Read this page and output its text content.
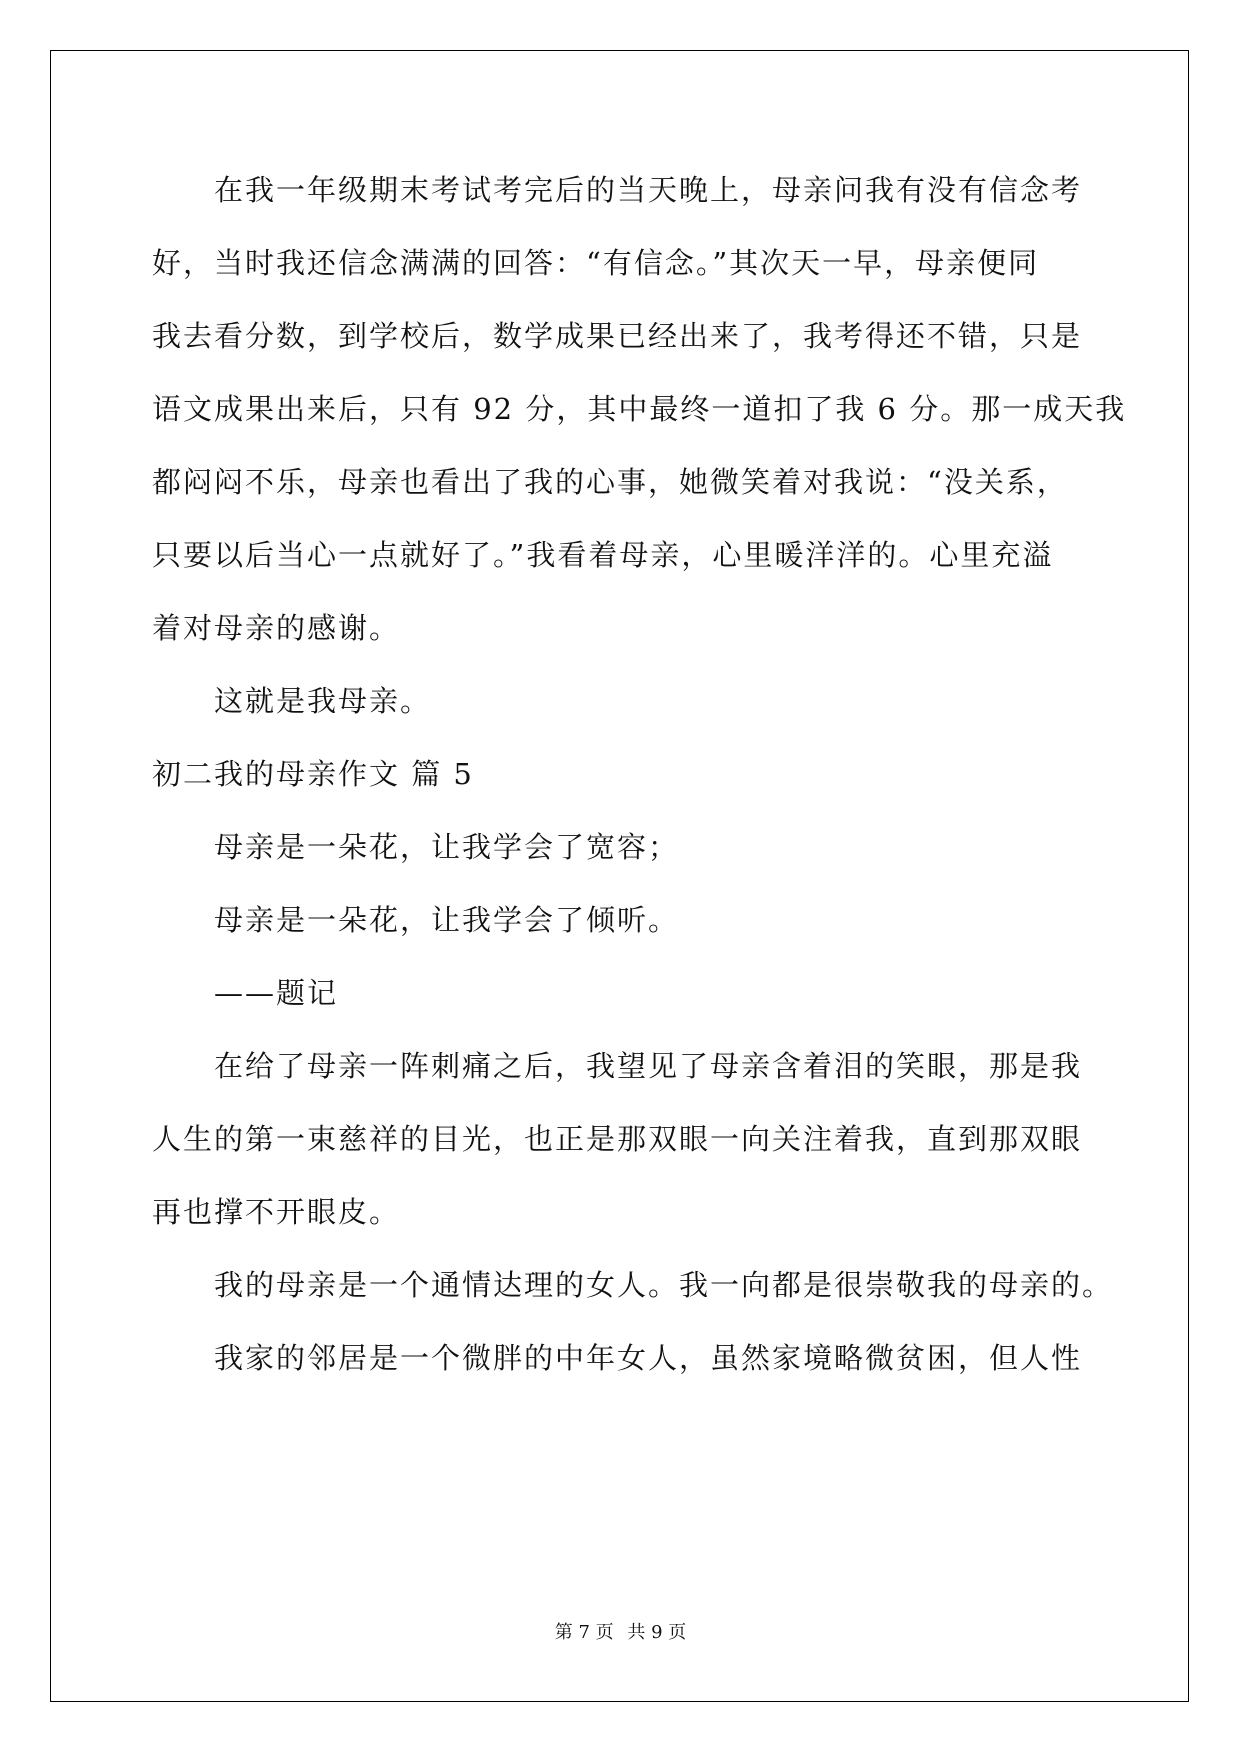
在我一年级期末考试考完后的当天晚上，母亲问我有没有信念考
好，当时我还信念满满的回答：“有信念。”其次天一早，母亲便同
我去看分数，到学校后，数学成果已经出来了，我考得还不错，只是
语文成果出来后，只有 92 分，其中最终一道扣了我 6 分。那一成天我
都闷闷不乐，母亲也看出了我的心事，她微笑着对我说：“没关系，
只要以后当心一点就好了。”我看着母亲，心里暖洋洋的。心里充溢
着对母亲的感谢。
这就是我母亲。
初二我的母亲作文 篇 5
母亲是一朵花，让我学会了宽容；
母亲是一朵花，让我学会了倾听。
——题记
在给了母亲一阵刺痛之后，我望见了母亲含着泪的笑眼，那是我
人生的第一束慈祥的目光，也正是那双眼一向关注着我，直到那双眼
再也撑不开眼皮。
我的母亲是一个通情达理的女人。我一向都是很崇敬我的母亲的。
我家的邻居是一个微胖的中年女人，虽然家境略微贫困，但人性
第 7 页 共 9 页
